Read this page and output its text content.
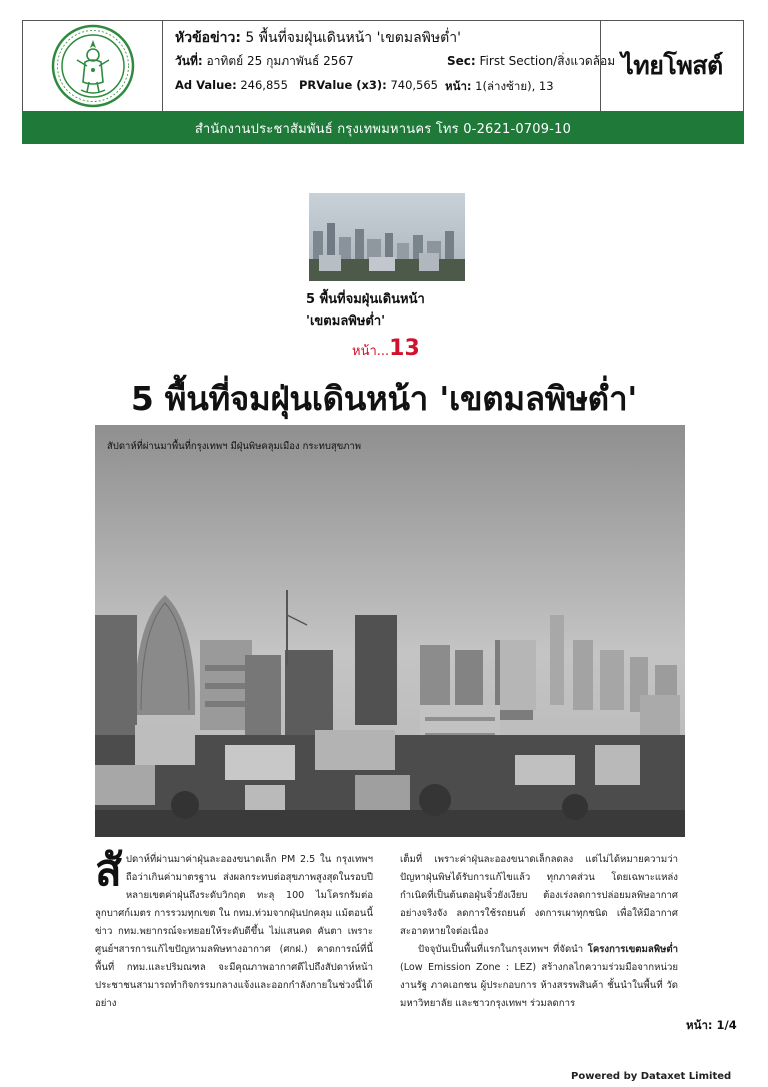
หัวข้อข่าว: 5 พื้นที่จมฝุ่นเดินหน้า 'เขตมลพิษต่ำ'
วันที่: อาทิตย์ 25 กุมภาพันธ์ 2567	Sec: First Section/สิ่งแวดล้อม
Ad Value: 246,855 PRValue (x3): 740,565 หน้า: 1(ล่างซ้าย), 13
ไทยโพสต์
สำนักงานประชาสัมพันธ์ กรุงเทพมหานคร โทร 0-2621-0709-10
5 พื้นที่จมฝุ่นเดินหน้า
'เขตมลพิษต่ำ'
หน้า...13
5 พื้นที่จมฝุ่นเดินหน้า 'เขตมลพิษต่ำ'
สัปดาห์ที่ผ่านมาพื้นที่กรุงเทพฯ มีฝุ่นพิษคลุมเมือง กระทบสุขภาพ
สั ปดาห์ที่ผ่านมาค่าฝุ่นละอองขนาดเล็ก PM 2.5 ใน กรุงเทพฯ ถือว่าเกินค่ามาตรฐาน ส่งผลกระทบต่อสุขภาพสูงสุดในรอบปี หลายเขตค่าฝุ่นถึงระดับวิกฤต ทะลุ 100 ไมโครกรัมต่อลูกบาศก์เมตร การรวมทุกเขต ใน กทม.ท่วมจากฝุ่นปกคลุม แม้ตอนนี้ข่าว กทม.พยากรณ์จะทยอยให้ระดับดีขึ้น ไม่แสนคด คันตา เพราะศูนย์ฯสารการแก้ไขปัญหามลพิษทางอากาศ (ศกฝ.) คาดการณ์ที่นี้พื้นที่ กทม.และปริมณฑล จะมีคุณภาพอากาศดีไปถึงสัปดาห์หน้า ประชาชนสามารถทำกิจกรรมกลางแจ้งและออกกำลังกายในช่วงนี้ได้อย่าง

เต็มที่ เพราะค่าฝุ่นละอองขนาดเล็กลดลง แต่ไม่ได้หมายความว่าปัญหาฝุ่นพิษได้รับการแก้ไขแล้ว ทุกภาคส่วน โดยเฉพาะแหล่งกำเนิดที่เป็นต้นตอฝุ่นจิ๋วยังเงียบ ต้องเร่งลดการปล่อยมลพิษอากาศอย่างจริงจัง ลดการใช้รถยนต์ งดการเผาทุกชนิด เพื่อให้มีอากาศสะอาดหายใจต่อเนื่อง

ปัจจุบันเป็นพื้นที่แรกในกรุงเทพฯ ที่จัดนำ โครงการเขตมลพิษต่ำ (Low Emission Zone : LEZ) สร้างกลไกความร่วมมือจากหน่วยงานรัฐ ภาคเอกชน ผู้ประกอบการ ห้างสรรพสินค้า ชั้นนำในพื้นที่ วัด มหาวิทยาลัย และชาวกรุงเทพฯ ร่วมลดการ

หน้า: 1/4
Powered by Dataxet Limited
